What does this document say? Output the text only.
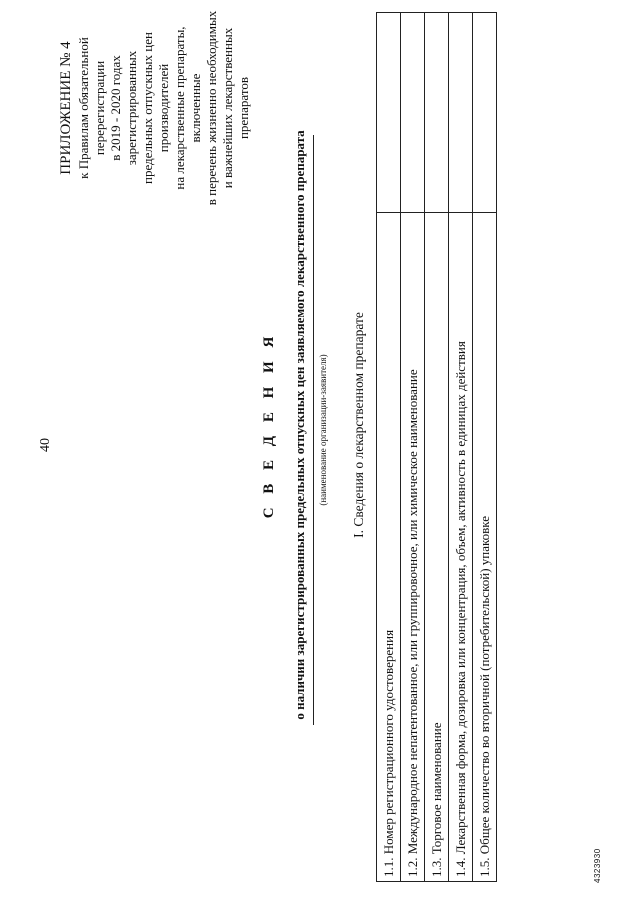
40
ПРИЛОЖЕНИЕ № 4 к Правилам обязательной перерегистрации в 2019 - 2020 годах зарегистрированных предельных отпускных цен производителей на лекарственные препараты, включенные в перечень жизненно необходимых и важнейших лекарственных препаратов
С В Е Д Е Н И Я о наличии зарегистрированных предельных отпускных цен заявляемого лекарственного препарата	(наименование организации-заявителя) I. Сведения о лекарственном препарате
1.1. Номер регистрационного удостоверения	
1.2. Международное непатентованное, или группировочное, или химическое наименование	
1.3. Торговое наименование	
1.4. Лекарственная форма, дозировка или концентрация, объем, активность в единицах действия	
1.5. Общее количество во вторичной (потребительской) упаковке		4323930
